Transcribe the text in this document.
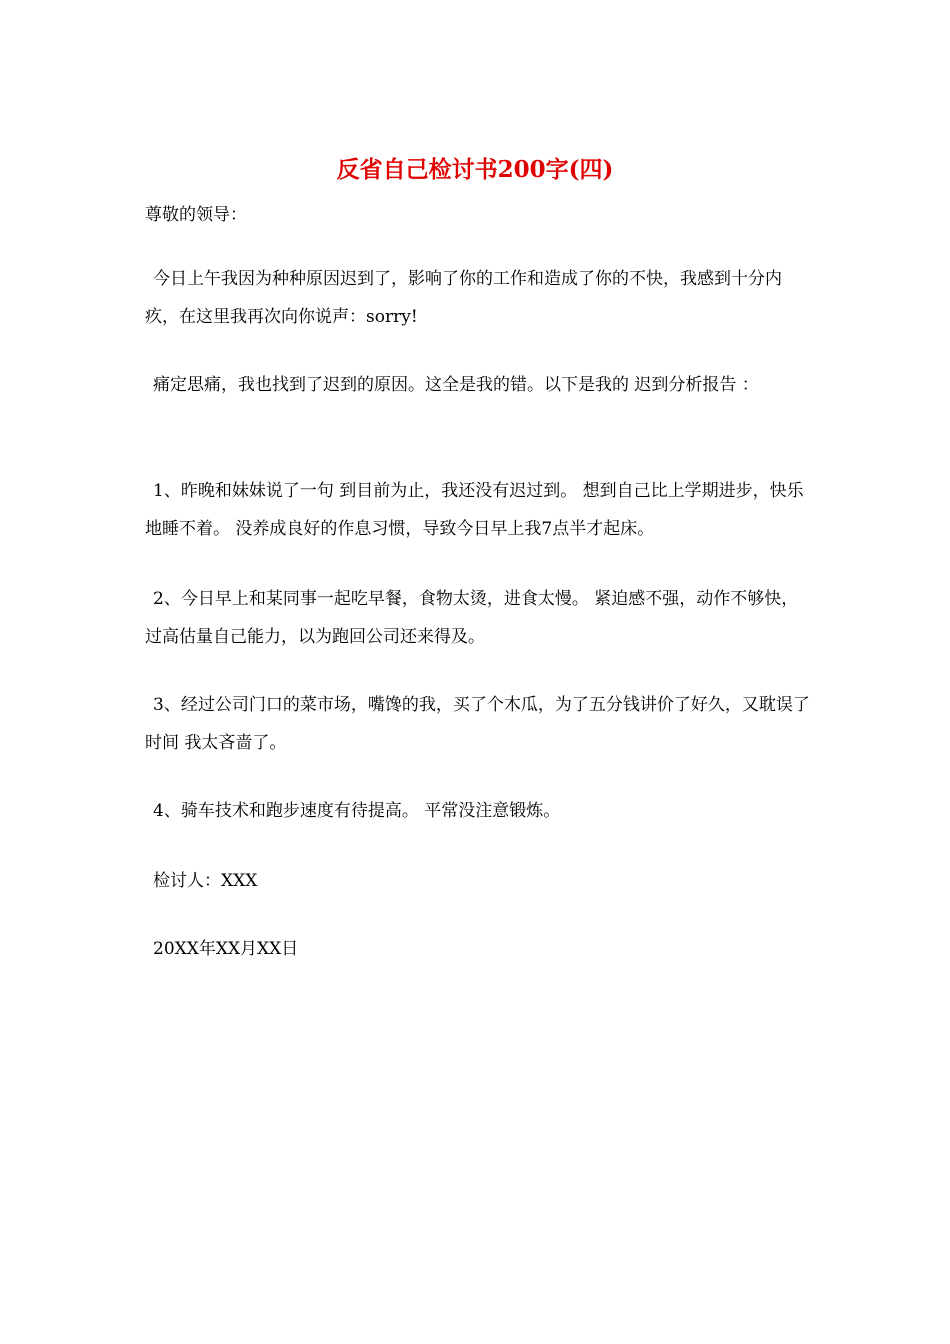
反省自己检讨书200字(四)

尊敬的领导：

今日上午我因为种种原因迟到了，影响了你的工作和造成了你的不快，我感到十分内疚，在这里我再次向你说声：sorry!

痛定思痛，我也找到了迟到的原因。这全是我的错。以下是我的 迟到分析报告 ：

1、昨晚和妹妹说了一句 到目前为止，我还没有迟过到。 想到自己比上学期进步，快乐地睡不着。 没养成良好的作息习惯，导致今日早上我7点半才起床。

2、今日早上和某同事一起吃早餐，食物太烫，进食太慢。 紧迫感不强，动作不够快，过高估量自己能力，以为跑回公司还来得及。

3、经过公司门口的菜市场，嘴馋的我，买了个木瓜，为了五分钱讲价了好久，又耽误了时间 我太吝啬了。

4、骑车技术和跑步速度有待提高。 平常没注意锻炼。

检讨人：XXX

20XX年XX月XX日
